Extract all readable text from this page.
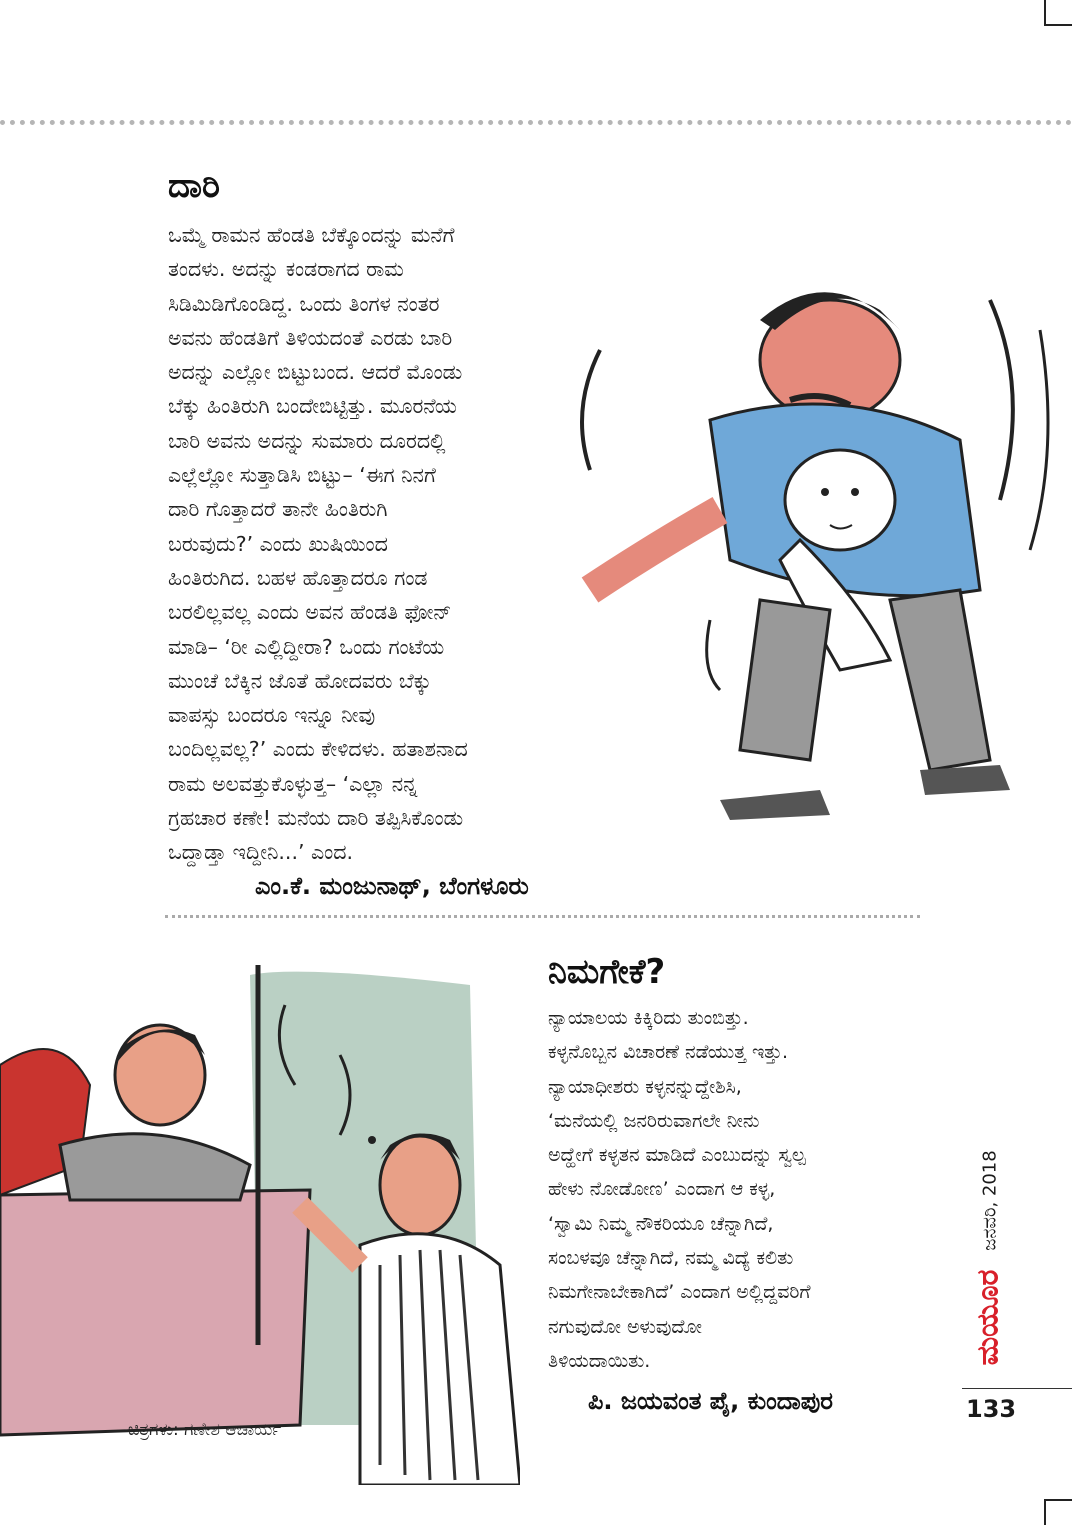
ದಾರಿ

ಒಮ್ಮೆ ರಾಮನ ಹೆಂಡತಿ ಬೆಕ್ಕೊಂದನ್ನು ಮನೆಗೆ
ತಂದಳು. ಅದನ್ನು ಕಂಡರಾಗದ ರಾಮ
ಸಿಡಿಮಿಡಿಗೊಂಡಿದ್ದ. ಒಂದು ತಿಂಗಳ ನಂತರ
ಅವನು ಹೆಂಡತಿಗೆ ತಿಳಿಯದಂತೆ ಎರಡು ಬಾರಿ
ಅದನ್ನು ಎಲ್ಲೋ ಬಿಟ್ಟುಬಂದ. ಆದರೆ ಮೊಂಡು
ಬೆಕ್ಕು ಹಿಂತಿರುಗಿ ಬಂದೇಬಿಟ್ಟಿತ್ತು. ಮೂರನೆಯ
ಬಾರಿ ಅವನು ಅದನ್ನು ಸುಮಾರು ದೂರದಲ್ಲಿ
ಎಲ್ಲೆಲ್ಲೋ ಸುತ್ತಾಡಿಸಿ ಬಿಟ್ಟು– ‘ಈಗ ನಿನಗೆ
ದಾರಿ ಗೊತ್ತಾದರೆ ತಾನೇ ಹಿಂತಿರುಗಿ
ಬರುವುದು?’ ಎಂದು ಖುಷಿಯಿಂದ
ಹಿಂತಿರುಗಿದ. ಬಹಳ ಹೊತ್ತಾದರೂ ಗಂಡ
ಬರಲಿಲ್ಲವಲ್ಲ ಎಂದು ಅವನ ಹೆಂಡತಿ ಫೋನ್
ಮಾಡಿ– ‘ರೀ ಎಲ್ಲಿದ್ದೀರಾ? ಒಂದು ಗಂಟೆಯ
ಮುಂಚೆ ಬೆಕ್ಕಿನ ಜೊತೆ ಹೋದವರು ಬೆಕ್ಕು
ವಾಪಸ್ಸು ಬಂದರೂ ಇನ್ನೂ ನೀವು
ಬಂದಿಲ್ಲವಲ್ಲ?’ ಎಂದು ಕೇಳಿದಳು. ಹತಾಶನಾದ
ರಾಮ ಅಲವತ್ತುಕೊಳ್ಳುತ್ತ– ‘ಎಲ್ಲಾ ನನ್ನ
ಗ್ರಹಚಾರ ಕಣೇ! ಮನೆಯ ದಾರಿ ತಪ್ಪಿಸಿಕೊಂಡು
ಒದ್ದಾಡ್ತಾ ಇದ್ದೀನಿ...’ ಎಂದ.

ಎಂ.ಕೆ. ಮಂಜುನಾಥ್, ಬೆಂಗಳೂರು

ನಿಮಗೇಕೆ?

ನ್ಯಾಯಾಲಯ ಕಿಕ್ಕಿರಿದು ತುಂಬಿತ್ತು.
ಕಳ್ಳನೊಬ್ಬನ ವಿಚಾರಣೆ ನಡೆಯುತ್ತ ಇತ್ತು.
ನ್ಯಾಯಾಧೀಶರು ಕಳ್ಳನನ್ನುದ್ದೇಶಿಸಿ,
‘ಮನೆಯಲ್ಲಿ ಜನರಿರುವಾಗಲೇ ನೀನು
ಅದ್ಹೇಗೆ ಕಳ್ಳತನ ಮಾಡಿದೆ ಎಂಬುದನ್ನು ಸ್ವಲ್ಪ
ಹೇಳು ನೋಡೋಣ’ ಎಂದಾಗ ಆ ಕಳ್ಳ,
‘ಸ್ವಾಮಿ ನಿಮ್ಮ ನೌಕರಿಯೂ ಚೆನ್ನಾಗಿದೆ,
ಸಂಬಳವೂ ಚೆನ್ನಾಗಿದೆ, ನಮ್ಮ ವಿದ್ಯೆ ಕಲಿತು
ನಿಮಗೇನಾಬೇಕಾಗಿದೆ’ ಎಂದಾಗ ಅಲ್ಲಿದ್ದವರಿಗೆ
ನಗುವುದೋ ಅಳುವುದೋ
ತಿಳಿಯದಾಯಿತು.

ಪಿ. ಜಯವಂತ ಪೈ, ಕುಂದಾಪುರ

ಚಿತ್ರಗಳು: ಗಣೇಶ ಆಚಾರ್ಯ
ಜನವರಿ, 2018
ಮಯೂರ

133
